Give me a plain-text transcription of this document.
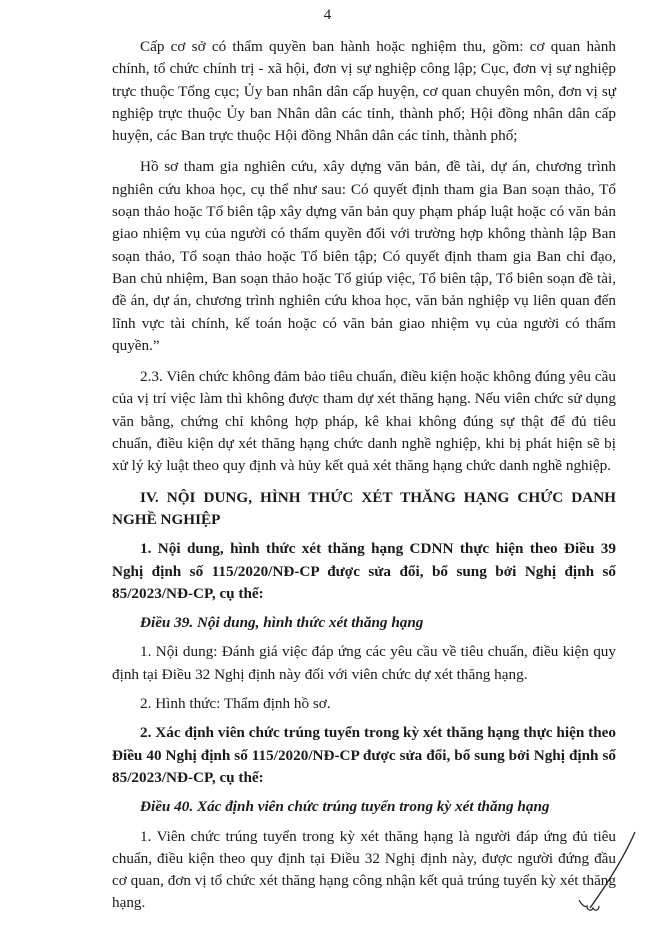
4

Cấp cơ sở có thẩm quyền ban hành hoặc nghiệm thu, gồm: cơ quan hành chính, tổ chức chính trị - xã hội, đơn vị sự nghiệp công lập; Cục, đơn vị sự nghiệp trực thuộc Tổng cục; Ủy ban nhân dân cấp huyện, cơ quan chuyên môn, đơn vị sự nghiệp trực thuộc Ủy ban Nhân dân các tỉnh, thành phố; Hội đồng nhân dân cấp huyện, các Ban trực thuộc Hội đồng Nhân dân các tỉnh, thành phố;

Hồ sơ tham gia nghiên cứu, xây dựng văn bản, đề tài, dự án, chương trình nghiên cứu khoa học, cụ thể như sau: Có quyết định tham gia Ban soạn thảo, Tổ soạn thảo hoặc Tổ biên tập xây dựng văn bản quy phạm pháp luật hoặc có văn bản giao nhiệm vụ của người có thẩm quyền đối với trường hợp không thành lập Ban soạn thảo, Tổ soạn thảo hoặc Tổ biên tập; Có quyết định tham gia Ban chỉ đạo, Ban chủ nhiệm, Ban soạn thảo hoặc Tổ giúp việc, Tổ biên tập, Tổ biên soạn đề tài, đề án, dự án, chương trình nghiên cứu khoa học, văn bản nghiệp vụ liên quan đến lĩnh vực tài chính, kế toán hoặc có văn bản giao nhiệm vụ của người có thẩm quyền.”

2.3. Viên chức không đảm bảo tiêu chuẩn, điều kiện hoặc không đúng yêu cầu của vị trí việc làm thì không được tham dự xét thăng hạng. Nếu viên chức sử dụng văn bằng, chứng chỉ không hợp pháp, kê khai không đúng sự thật để đủ tiêu chuẩn, điều kiện dự xét thăng hạng chức danh nghề nghiệp, khi bị phát hiện sẽ bị xử lý kỷ luật theo quy định và hủy kết quả xét thăng hạng chức danh nghề nghiệp.

IV. NỘI DUNG, HÌNH THỨC XÉT THĂNG HẠNG CHỨC DANH NGHỀ NGHIỆP

1. Nội dung, hình thức xét thăng hạng CDNN thực hiện theo Điều 39 Nghị định số 115/2020/NĐ-CP được sửa đổi, bổ sung bởi Nghị định số 85/2023/NĐ-CP, cụ thể:

Điều 39. Nội dung, hình thức xét thăng hạng

1. Nội dung: Đánh giá việc đáp ứng các yêu cầu về tiêu chuẩn, điều kiện quy định tại Điều 32 Nghị định này đối với viên chức dự xét thăng hạng.

2. Hình thức: Thẩm định hồ sơ.

2. Xác định viên chức trúng tuyển trong kỳ xét thăng hạng thực hiện theo Điều 40 Nghị định số 115/2020/NĐ-CP được sửa đổi, bổ sung bởi Nghị định số 85/2023/NĐ-CP, cụ thể:

Điều 40. Xác định viên chức trúng tuyển trong kỳ xét thăng hạng

1. Viên chức trúng tuyển trong kỳ xét thăng hạng là người đáp ứng đủ tiêu chuẩn, điều kiện theo quy định tại Điều 32 Nghị định này, được người đứng đầu cơ quan, đơn vị tổ chức xét thăng hạng công nhận kết quả trúng tuyển kỳ xét thăng hạng.
